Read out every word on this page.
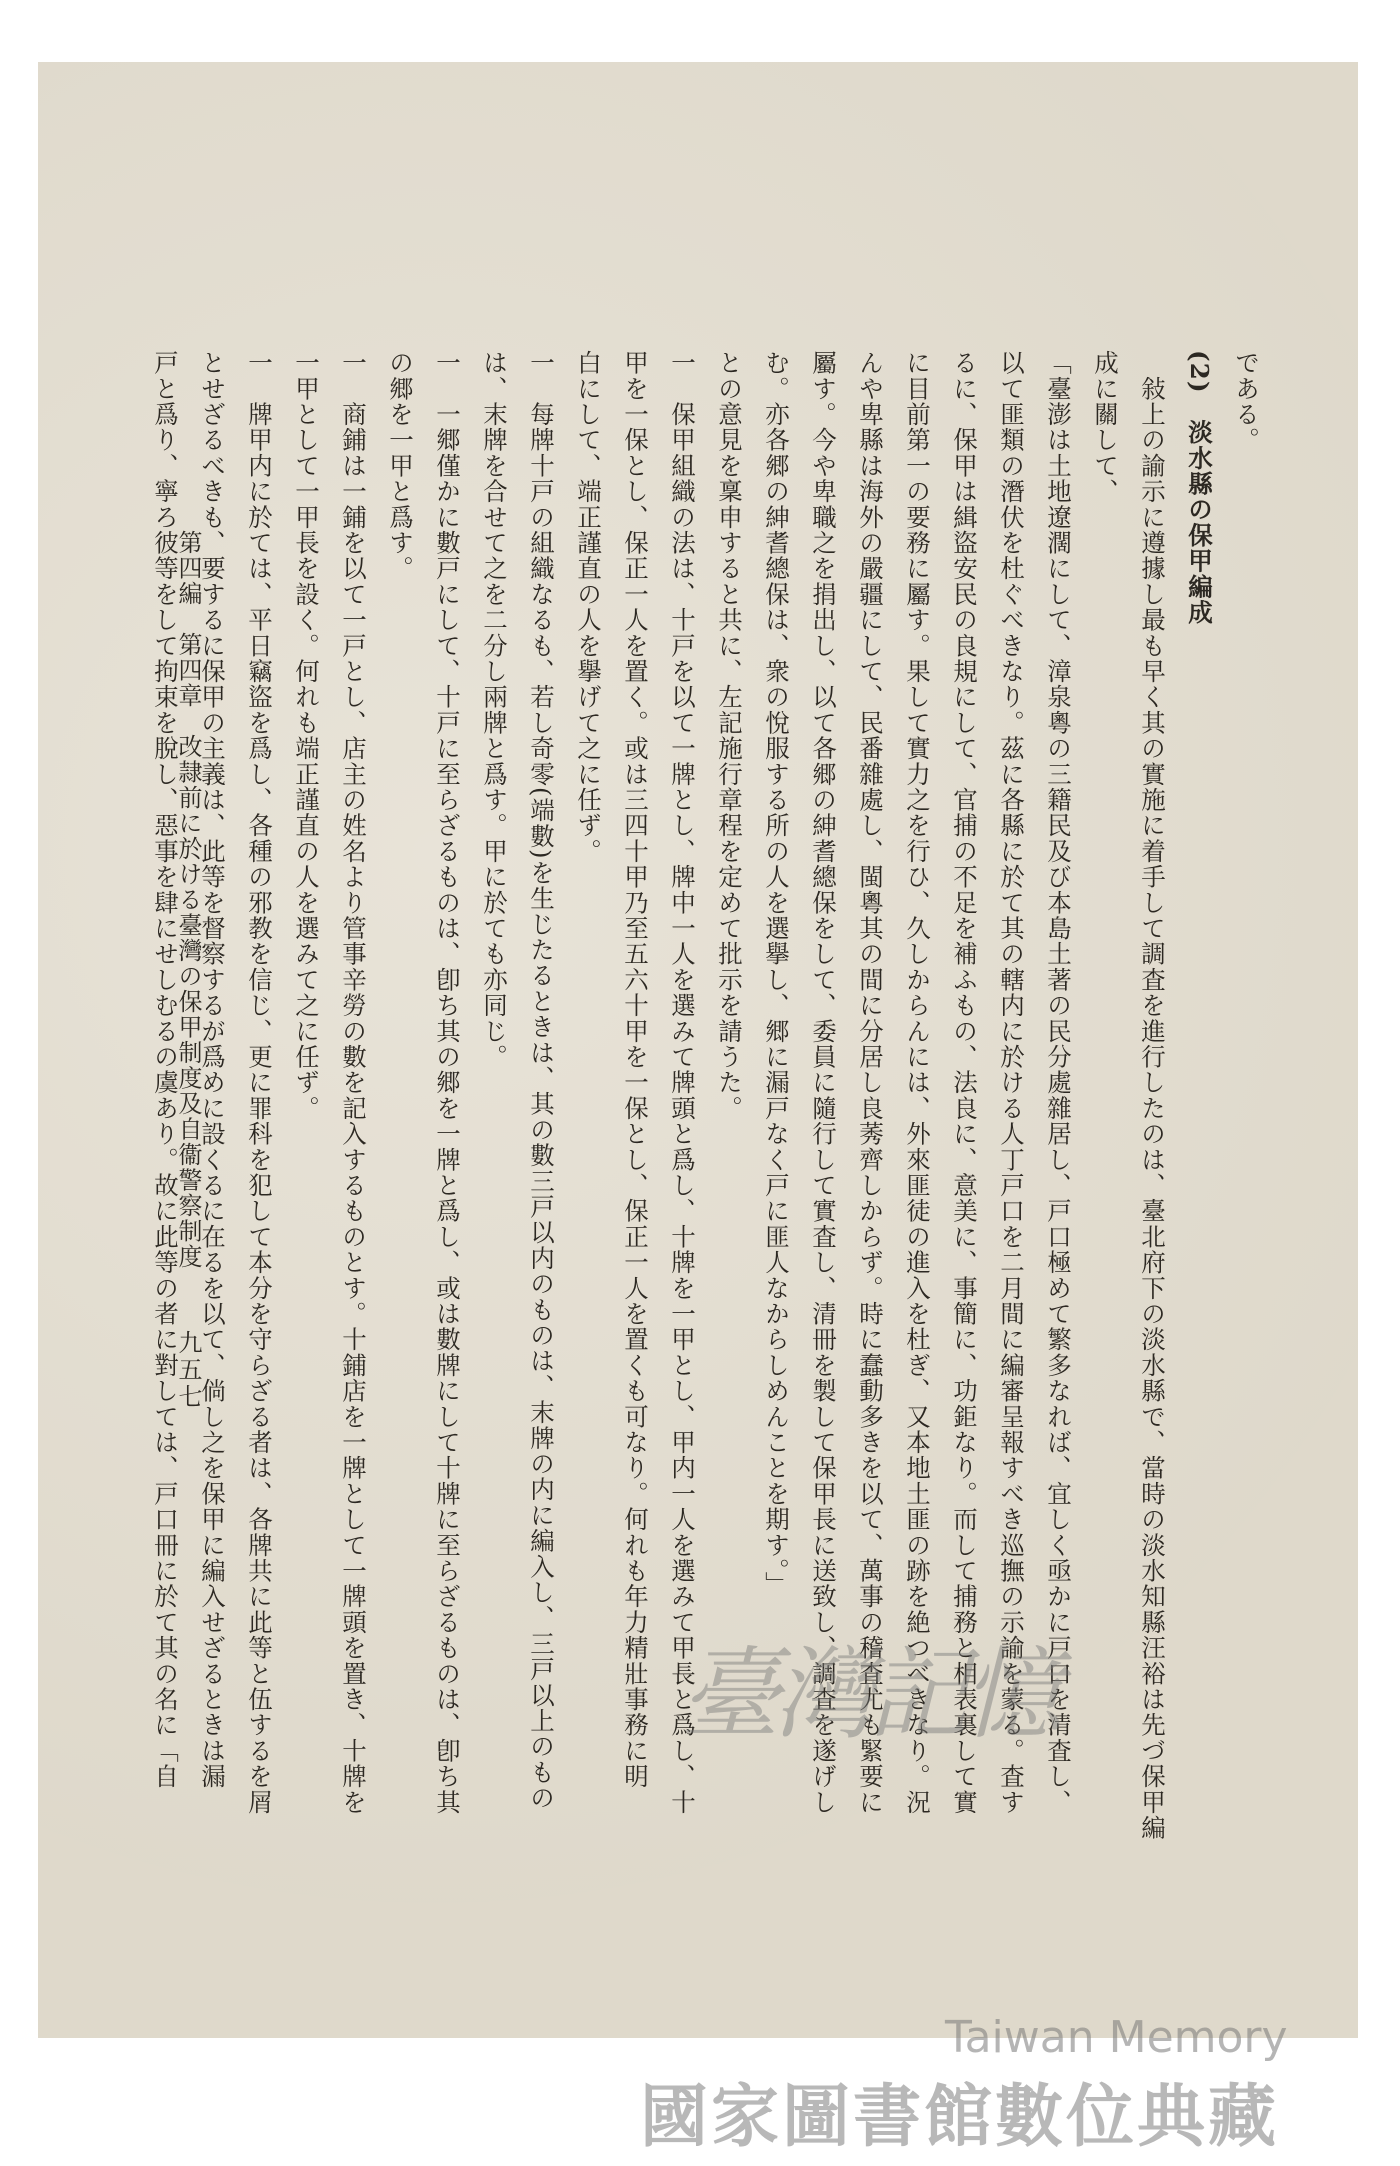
である。
(2)　淡水縣の保甲編成
　敍上の諭示に遵據し最も早く其の實施に着手して調査を進行したのは、臺北府下の淡水縣で、當時の淡水知縣汪裕は先づ保甲編
成に關して、
「臺澎は土地遼濶にして、漳泉粵の三籍民及び本島土著の民分處雜居し、戸口極めて繁多なれば、宜しく亟かに戸口を清査し、
以て匪類の潛伏を杜ぐべきなり。茲に各縣に於て其の轄内に於ける人丁戸口を二月間に編審呈報すべき巡撫の示諭を蒙る。査す
るに、保甲は緝盜安民の良規にして、官捕の不足を補ふもの、法良に、意美に、事簡に、功鉅なり。而して捕務と相表裏して實
に目前第一の要務に屬す。果して實力之を行ひ、久しからんには、外來匪徒の進入を杜ぎ、又本地土匪の跡を絶つべきなり。況
んや卑縣は海外の嚴疆にして、民番雜處し、閩粵其の間に分居し良莠齊しからず。時に蠢動多きを以て、萬事の稽査尤も緊要に
屬す。今や卑職之を捐出し、以て各郷の紳耆總保をして、委員に隨行して實査し、清冊を製して保甲長に送致し、調査を遂げし
む。亦各郷の紳耆總保は、衆の悅服する所の人を選擧し、郷に漏戸なく戸に匪人なからしめんことを期す。」
との意見を稟申すると共に、左記施行章程を定めて批示を請うた。
一　保甲組織の法は、十戸を以て一牌とし、牌中一人を選みて牌頭と爲し、十牌を一甲とし、甲内一人を選みて甲長と爲し、十
甲を一保とし、保正一人を置く。或は三四十甲乃至五六十甲を一保とし、保正一人を置くも可なり。何れも年力精壯事務に明
白にして、端正謹直の人を擧げて之に任ず。
一　每牌十戸の組織なるも、若し奇零(端數)を生じたるときは、其の數三戸以内のものは、末牌の内に編入し、三戸以上のもの
は、末牌を合せて之を二分し兩牌と爲す。甲に於ても亦同じ。
一　一郷僅かに數戸にして、十戸に至らざるものは、卽ち其の郷を一牌と爲し、或は數牌にして十牌に至らざるものは、卽ち其
の郷を一甲と爲す。
一　商鋪は一鋪を以て一戸とし、店主の姓名より管事辛勞の數を記入するものとす。十鋪店を一牌として一牌頭を置き、十牌を
一甲として一甲長を設く。何れも端正謹直の人を選みて之に任ず。
一　牌甲内に於ては、平日竊盜を爲し、各種の邪教を信じ、更に罪科を犯して本分を守らざる者は、各牌共に此等と伍するを屑
とせざるべきも、要するに保甲の主義は、此等を督察するが爲めに設くるに在るを以て、倘し之を保甲に編入せざるときは漏
戸と爲り、寧ろ彼等をして拘束を脫し、惡事を肆にせしむるの虞あり。故に此等の者に對しては、戸口冊に於て其の名に「自
第四編　第四章　改隷前に於ける臺灣の保甲制度及自衞警察制度
九五七
臺灣記憶
Taiwan Memory
國家圖書館數位典藏
